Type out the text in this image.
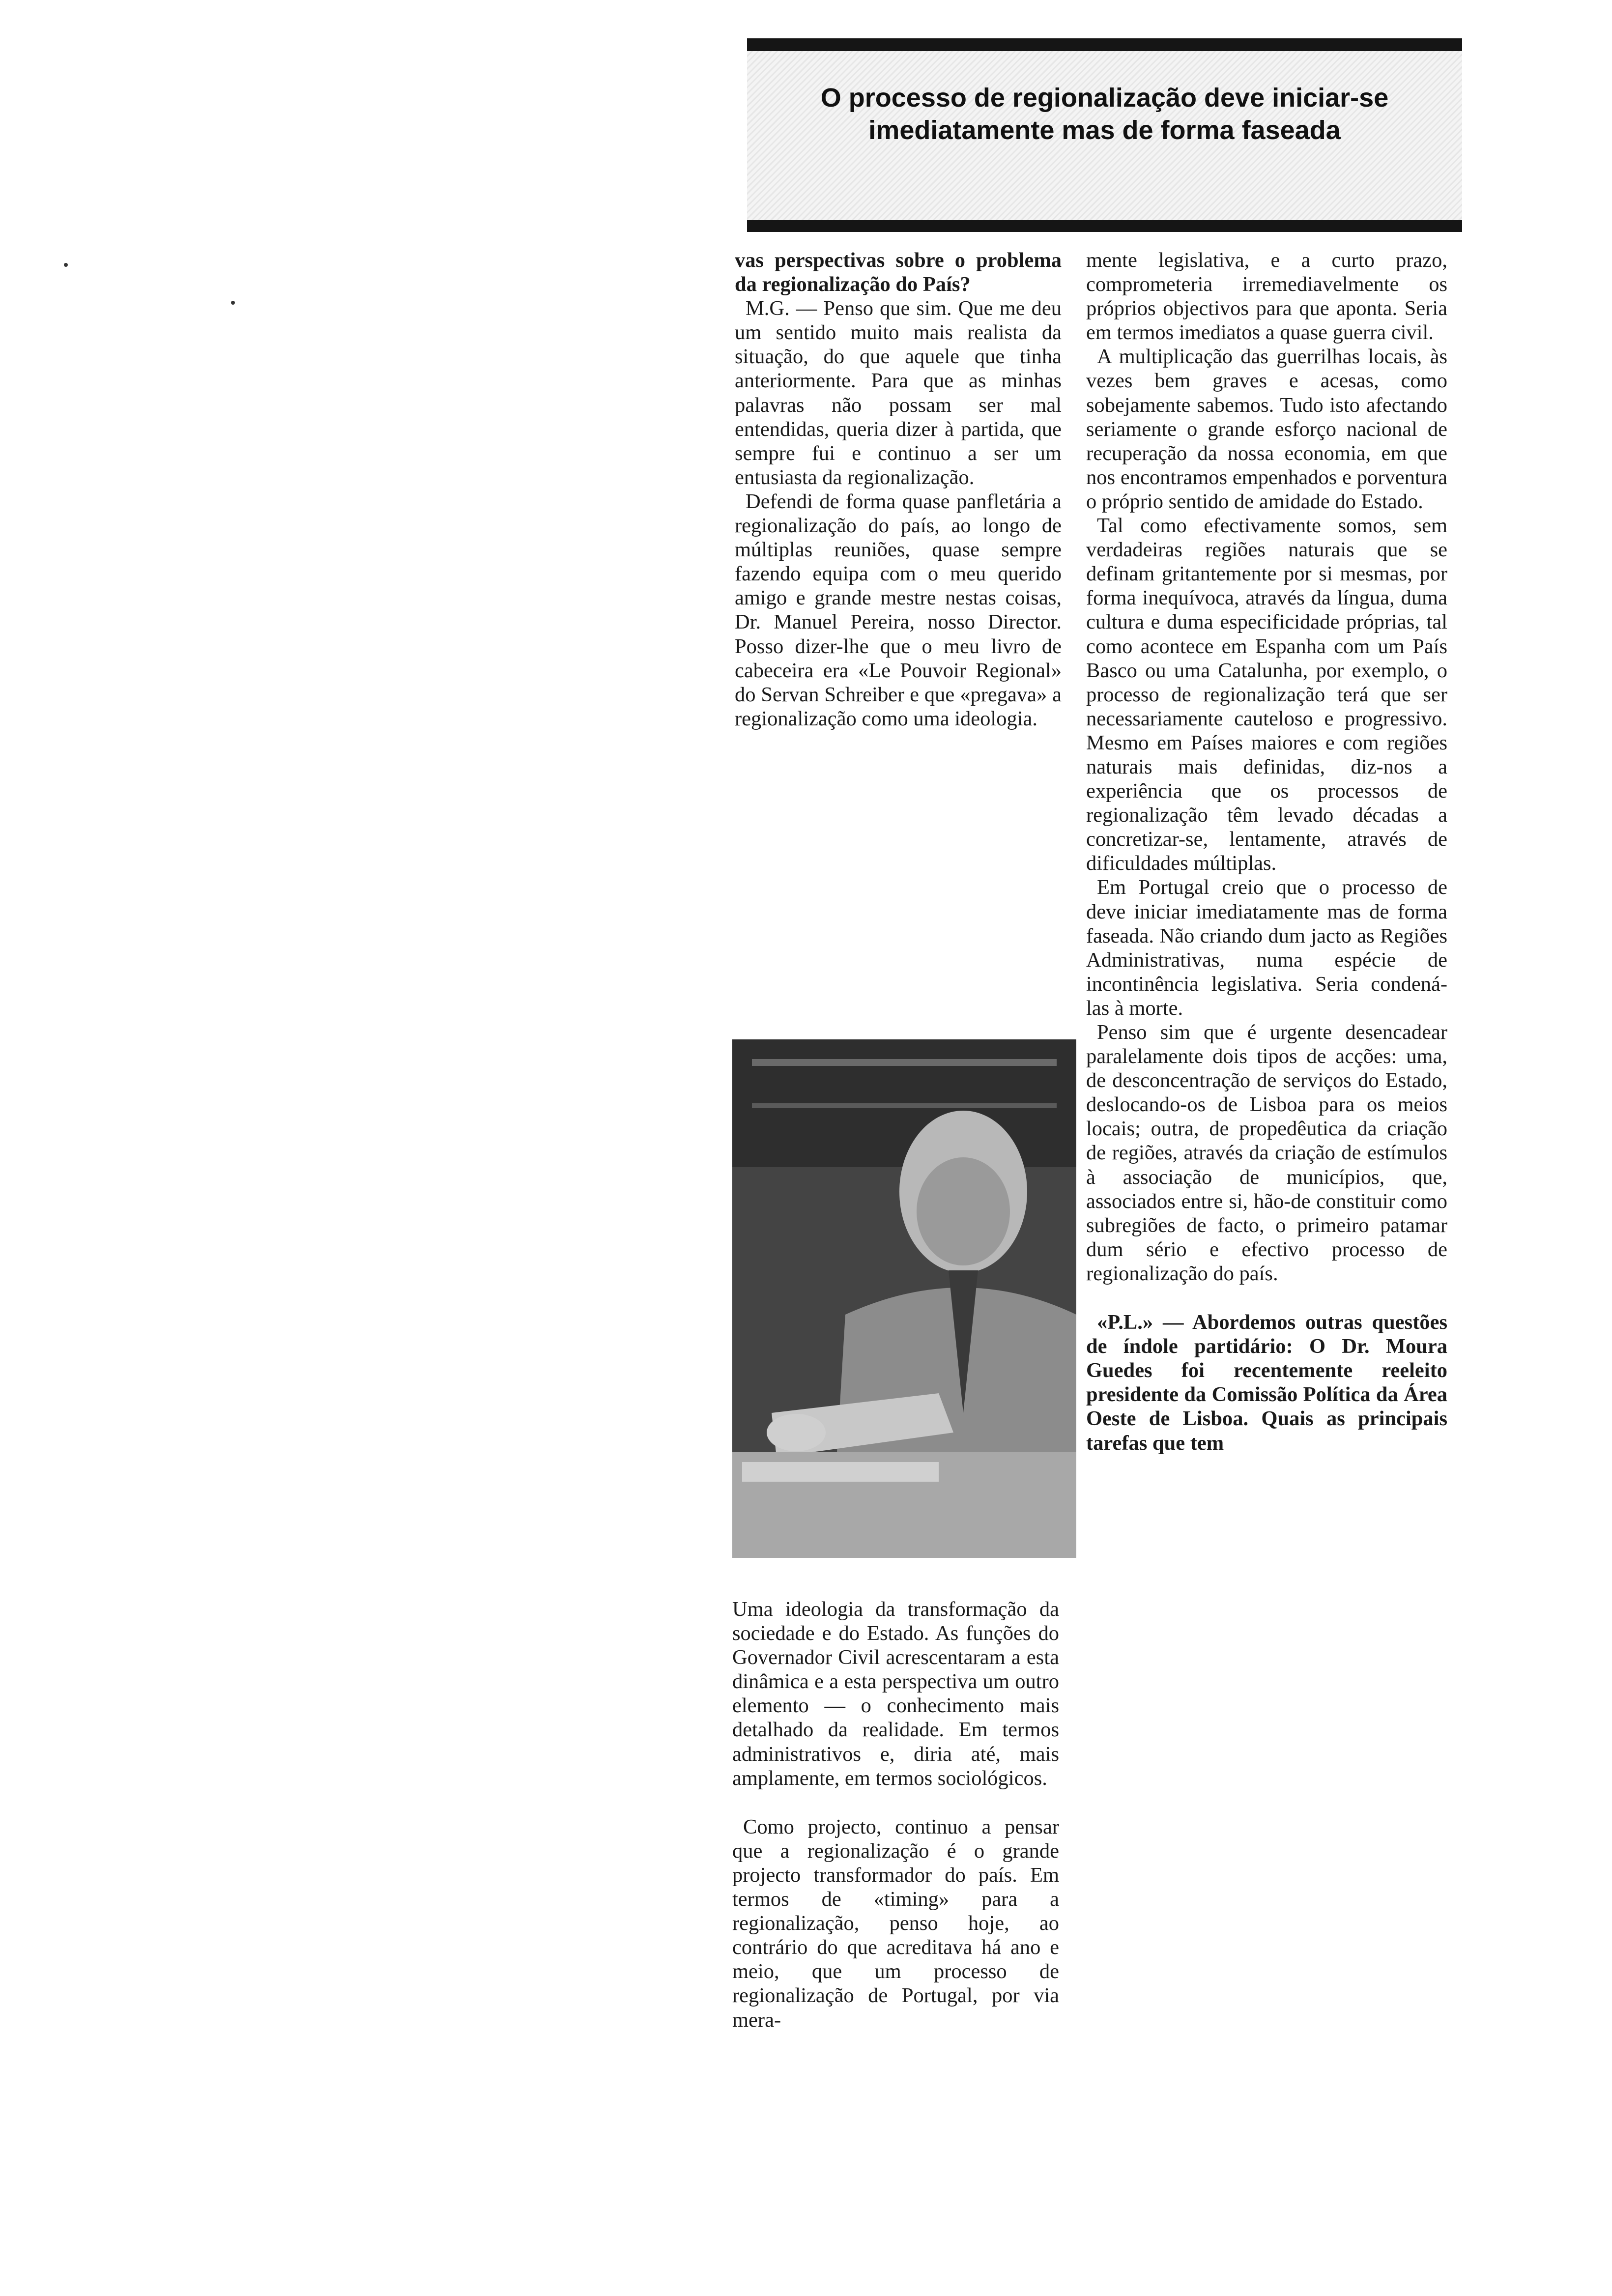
O processo de regionalização deve iniciar-se imediatamente mas de forma faseada

vas perspectivas sobre o problema da regionalização do País?

M.G. — Penso que sim. Que me deu um sentido muito mais realista da situação, do que aquele que tinha anteriormente. Para que as minhas palavras não possam ser mal entendidas, queria dizer à partida, que sempre fui e continuo a ser um entusiasta da regionalização.

Defendi de forma quase panfletária a regionalização do país, ao longo de múltiplas reuniões, quase sempre fazendo equipa com o meu querido amigo e grande mestre nestas coisas, Dr. Manuel Pereira, nosso Director. Posso dizer-lhe que o meu livro de cabeceira era «Le Pouvoir Regional» do Servan Schreiber e que «pregava» a regionalização como uma ideologia.

Uma ideologia da transformação da sociedade e do Estado. As funções do Governador Civil acrescentaram a esta dinâmica e a esta perspectiva um outro elemento — o conhecimento mais detalhado da realidade. Em termos administrativos e, diria até, mais amplamente, em termos sociológicos.

Como projecto, continuo a pensar que a regionalização é o grande projecto transformador do país. Em termos de «timing» para a regionalização, penso hoje, ao contrário do que acreditava há ano e meio, que um processo de regionalização de Portugal, por via mera-

mente legislativa, e a curto prazo, comprometeria irremediavelmente os próprios objectivos para que aponta. Seria em termos imediatos a quase guerra civil.

A multiplicação das guerrilhas locais, às vezes bem graves e acesas, como sobejamente sabemos. Tudo isto afectando seriamente o grande esforço nacional de recuperação da nossa economia, em que nos encontramos empenhados e porventura o próprio sentido de amidade do Estado.

Tal como efectivamente somos, sem verdadeiras regiões naturais que se definam gritantemente por si mesmas, por forma inequívoca, através da língua, duma cultura e duma especificidade próprias, tal como acontece em Espanha com um País Basco ou uma Catalunha, por exemplo, o processo de regionalização terá que ser necessariamente cauteloso e progressivo. Mesmo em Países maiores e com regiões naturais mais definidas, diz-nos a experiência que os processos de regionalização têm levado décadas a concretizar-se, lentamente, através de dificuldades múltiplas.

Em Portugal creio que o processo de deve iniciar imediatamente mas de forma faseada. Não criando dum jacto as Regiões Administrativas, numa espécie de incontinência legislativa. Seria condená-las à morte.

Penso sim que é urgente desencadear paralelamente dois tipos de acções: uma, de desconcentração de serviços do Estado, deslocando-os de Lisboa para os meios locais; outra, de propedêutica da criação de regiões, através da criação de estímulos à associação de municípios, que, associados entre si, hão-de constituir como subregiões de facto, o primeiro patamar dum sério e efectivo processo de regionalização do país.

«P.L.» — Abordemos outras questões de índole partidário: O Dr. Moura Guedes foi recentemente reeleito presidente da Comissão Política da Área Oeste de Lisboa. Quais as principais tarefas que tem
